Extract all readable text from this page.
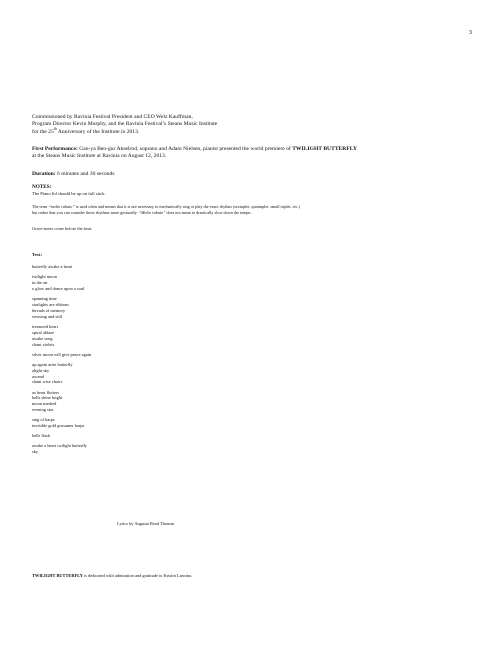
3
Commissioned by Ravinia Festival President and CEO Welz Kauffman,
Program Director Kevin Murphy, and the Ravinia Festival’s Steans Music Institute
for the 25th Anniversary of the Institute in 2013.
First Performance: Gan-ya Ben-gur Akselrod, soprano and Adam Nielsen, pianist presented the world premiere of TWILIGHT BUTTERFLY
at the Steans Music Institute at Ravinia on August 12, 2013.
Duration: 6 minutes and 30 seconds
NOTES:
The Piano lid should be up on full stick.
The term “molto rubato” is used often and means that it is not necessary to mechanically sing or play the exact rhythm (sextuplet, quintuplet, small triplet, etc.)
but rather that you can consider those rhythms more gesturally. “Molto rubato” does not mean to drastically slow down the tempo.
Grace-notes come before the beat.
Text:
butterfly awake a heart
twilight moon
in the air
o glow and dance upon a soul
spanning time
starlights are ribbons
threads of memory
weaving and still
treasured heart
spiral ablaze
awake song
chant violets
silver moon will give peace again
up again arise butterfly
alight sky
ascend
chant wise choirs
as heart flutters
bells shine bright
moon marked
evening star
sing of harps
invisible gold gossamer harps
bells flash
awake a heart twilight butterfly
sky
Lyrics by Augusta Read Thomas
TWILIGHT BUTTERFLY is dedicated with admiration and gratitude to Kristin Lancino.
